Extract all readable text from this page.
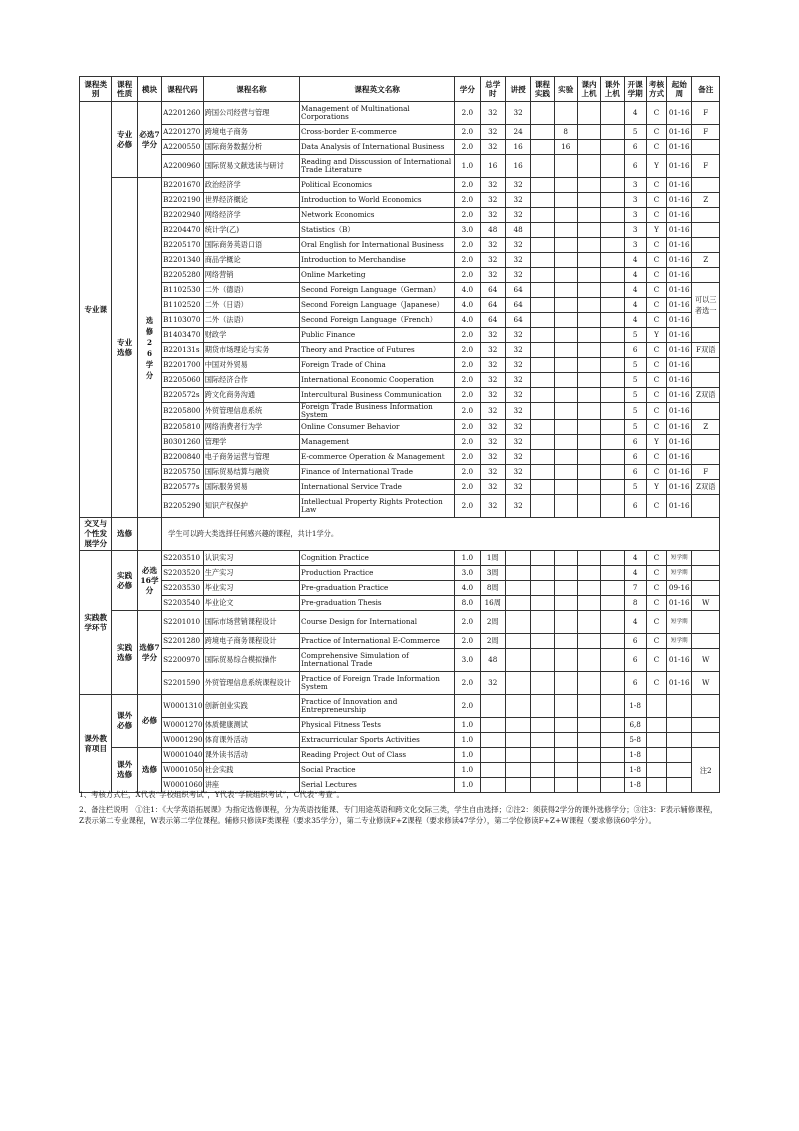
课程类别	课程性质	模块	课程代码	课程名称	课程英文名称	学分	总学时	讲授	课程实践	实验	课内上机	课外上机	开课学期	考核方式	起始周	备注
专业课	专业必修	必选7学分	A2201260	跨国公司经营与管理	Management of Multinational Corporations	2.0	32	32					4	C	01-16	F
			A2201270	跨境电子商务	Cross-border E-commerce	2.0	32	24		8			5	C	01-16	F
			A2200550	国际商务数据分析	Data Analysis of International Business	2.0	32	16		16			6	C	01-16	
			A2200960	国际贸易文献选读与研讨	Reading and Disscussion of International Trade Literature	1.0	16	16					6	Y	01-16	F
	专业选修	选修26学分	B2201670	政治经济学	Political Economics	2.0	32	32					3	C	01-16	
			B2202190	世界经济概论	Introduction to World Economics	2.0	32	32					3	C	01-16	Z
			B2202940	网络经济学	Network Economics	2.0	32	32					3	C	01-16	
			B2204470	统计学(乙)	Statistics（B）	3.0	48	48					3	Y	01-16	
			B2205170	国际商务英语口语	Oral English for International Business	2.0	32	32					3	C	01-16	
			B2201340	商品学概论	Introduction to Merchandise	2.0	32	32					4	C	01-16	Z
			B2205280	网络营销	Online Marketing	2.0	32	32					4	C	01-16	
			B1102530	二外（德语）	Second Foreign Language（German）	4.0	64	64					4	C	01-16	可以三者选一
			B1102520	二外（日语）	Second Foreign Language（Japanese）	4.0	64	64					4	C	01-16	
			B1103070	二外（法语）	Second Foreign Language（French）	4.0	64	64					4	C	01-16	
			B1403470	财政学	Public Finance	2.0	32	32					5	Y	01-16	
			B220131s	期货市场理论与实务	Theory and Practice of Futures	2.0	32	32					6	C	01-16	F双语
			B2201700	中国对外贸易	Foreign Trade of China	2.0	32	32					5	C	01-16	
			B2205060	国际经济合作	International Economic Cooperation	2.0	32	32					5	C	01-16	
			B220572s	跨文化商务沟通	Intercultural Business Communication	2.0	32	32					5	C	01-16	Z双语
			B2205800	外贸管理信息系统	Foreign Trade Business Information System	2.0	32	32					5	C	01-16	
			B2205810	网络消费者行为学	Online Consumer Behavior	2.0	32	32					5	C	01-16	Z
			B0301260	管理学	Management	2.0	32	32					6	Y	01-16	
			B2200840	电子商务运营与管理	E-commerce Operation & Management	2.0	32	32					6	C	01-16	
			B2205750	国际贸易结算与融资	Finance of International Trade	2.0	32	32					6	C	01-16	F
			B220577s	国际服务贸易	International Service Trade	2.0	32	32					5	Y	01-16	Z双语
			B2205290	知识产权保护	Intellectual Property Rights Protection Law	2.0	32	32					6	C	01-16	
交叉与个性发展学分	选修		学生可以跨大类选择任何感兴趣的课程，共计1学分。													
实践教学环节	实践必修	必选16学分	S2203510	认识实习	Cognition Practice	1.0	1周						4	C	短学期	
			S2203520	生产实习	Production Practice	3.0	3周						4	C	短学期	
			S2203530	毕业实习	Pre-graduation Practice	4.0	8周						7	C	09-16	
			S2203540	毕业论文	Pre-graduation Thesis	8.0	16周						8	C	01-16	W
	实践选修	选修7学分	S2201010	国际市场营销课程设计	Course Design for International	2.0	2周						4	C	短学期	
			S2201280	跨境电子商务课程设计	Practice of International E-Commerce	2.0	2周						6	C	短学期	
			S2200970	国际贸易综合模拟操作	Comprehensive Simulation of International Trade	3.0	48						6	C	01-16	W
			S2201590	外贸管理信息系统课程设计	Practice of Foreign Trade Information System	2.0	32						6	C	01-16	W
课外教育项目	课外必修	必修	W0001310	创新创业实践	Practice of Innovation and Entrepreneurship	2.0							1-8			
			W0001270	体质健康测试	Physical Fitness Tests	1.0							6,8			
			W0001290	体育课外活动	Extracurricular Sports Activities	1.0							5-8			
	课外选修	选修	W0001040	课外读书活动	Reading Project Out of Class	1.0							1-8			注2
			W0001050	社会实践	Social Practice	1.0							1-8			
			W0001060	讲座	Serial Lectures	1.0							1-8			
1、考核方式栏，X代表“学校组织考试”，Y代表“学院组织考试”，C代表“考查”。
2、备注栏说明　①注1：《大学英语拓展课》为指定选修课程，分为英语技能课、专门用途英语和跨文化交际三类，学生自由选择；②注2：须获得2学分的课外选修学分；③注3：F表示辅修课程，Z表示第二专业课程，W表示第二学位课程。辅修只修读F类课程（要求35学分），第二专业修读F+Z课程（要求修读47学分），第二学位修读F+Z+W课程（要求修读60学分）。
